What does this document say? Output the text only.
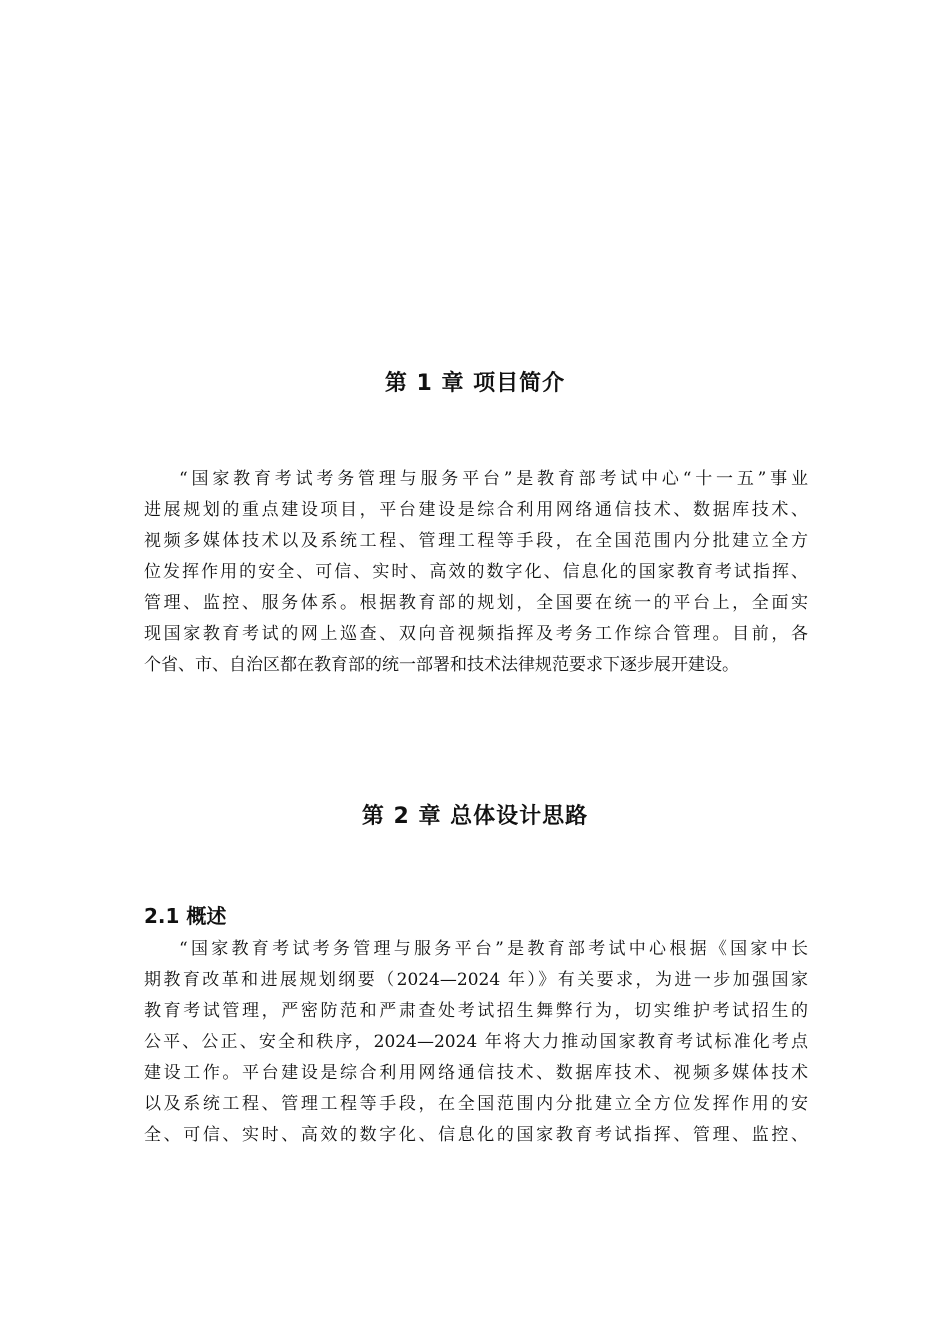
第 1 章 项目简介
“国家教育考试考务管理与服务平台”是教育部考试中心“十一五”事业
进展规划的重点建设项目，平台建设是综合利用网络通信技术、数据库技术、
视频多媒体技术以及系统工程、管理工程等手段，在全国范围内分批建立全方
位发挥作用的安全、可信、实时、高效的数字化、信息化的国家教育考试指挥、
管理、监控、服务体系。根据教育部的规划，全国要在统一的平台上，全面实
现国家教育考试的网上巡查、双向音视频指挥及考务工作综合管理。目前，各
个省、市、自治区都在教育部的统一部署和技术法律规范要求下逐步展开建设。
第 2 章 总体设计思路
2.1 概述
“国家教育考试考务管理与服务平台”是教育部考试中心根据《国家中长
期教育改革和进展规划纲要（2024—2024 年）》有关要求，为进一步加强国家
教育考试管理，严密防范和严肃查处考试招生舞弊行为，切实维护考试招生的
公平、公正、安全和秩序，2024—2024 年将大力推动国家教育考试标准化考点
建设工作。平台建设是综合利用网络通信技术、数据库技术、视频多媒体技术
以及系统工程、管理工程等手段，在全国范围内分批建立全方位发挥作用的安
全、可信、实时、高效的数字化、信息化的国家教育考试指挥、管理、监控、
